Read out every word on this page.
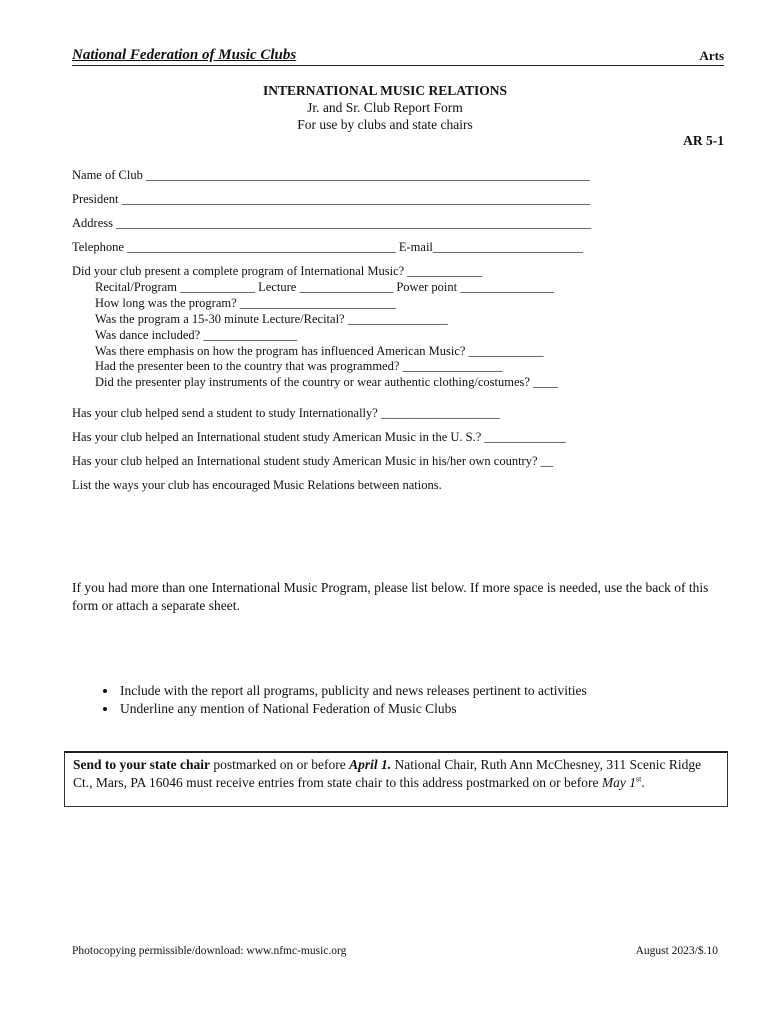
National Federation of Music Clubs	Arts
INTERNATIONAL MUSIC RELATIONS
Jr. and Sr. Club Report Form
For use by clubs and state chairs
AR 5-1
Name of Club _______________________________________________________________________
President ___________________________________________________________________________
Address ____________________________________________________________________________
Telephone ___________________________________________ E-mail________________________
Did your club present a complete program of International Music? ____________
Recital/Program ____________ Lecture _______________ Power point _______________
How long was the program? _________________________
Was the program a 15-30 minute Lecture/Recital? ________________
Was dance included? _______________
Was there emphasis on how the program has influenced American Music? ____________
Had the presenter been to the country that was programmed? ________________
Did the presenter play instruments of the country or wear authentic clothing/costumes? ____
Has your club helped send a student to study Internationally? ___________________
Has your club helped an International student study American Music in the U. S.? _____________
Has your club helped an International student study American Music in his/her own country? __
List the ways your club has encouraged Music Relations between nations.
If you had more than one International Music Program, please list below. If more space is needed, use the back of this form or attach a separate sheet.
• Include with the report all programs, publicity and news releases pertinent to activities
• Underline any mention of National Federation of Music Clubs
Send to your state chair postmarked on or before April 1. National Chair, Ruth Ann McChesney, 311 Scenic Ridge Ct., Mars, PA 16046 must receive entries from state chair to this address postmarked on or before May 1st.
Photocopying permissible/download: www.nfmc-music.org	August 2023/$.10
